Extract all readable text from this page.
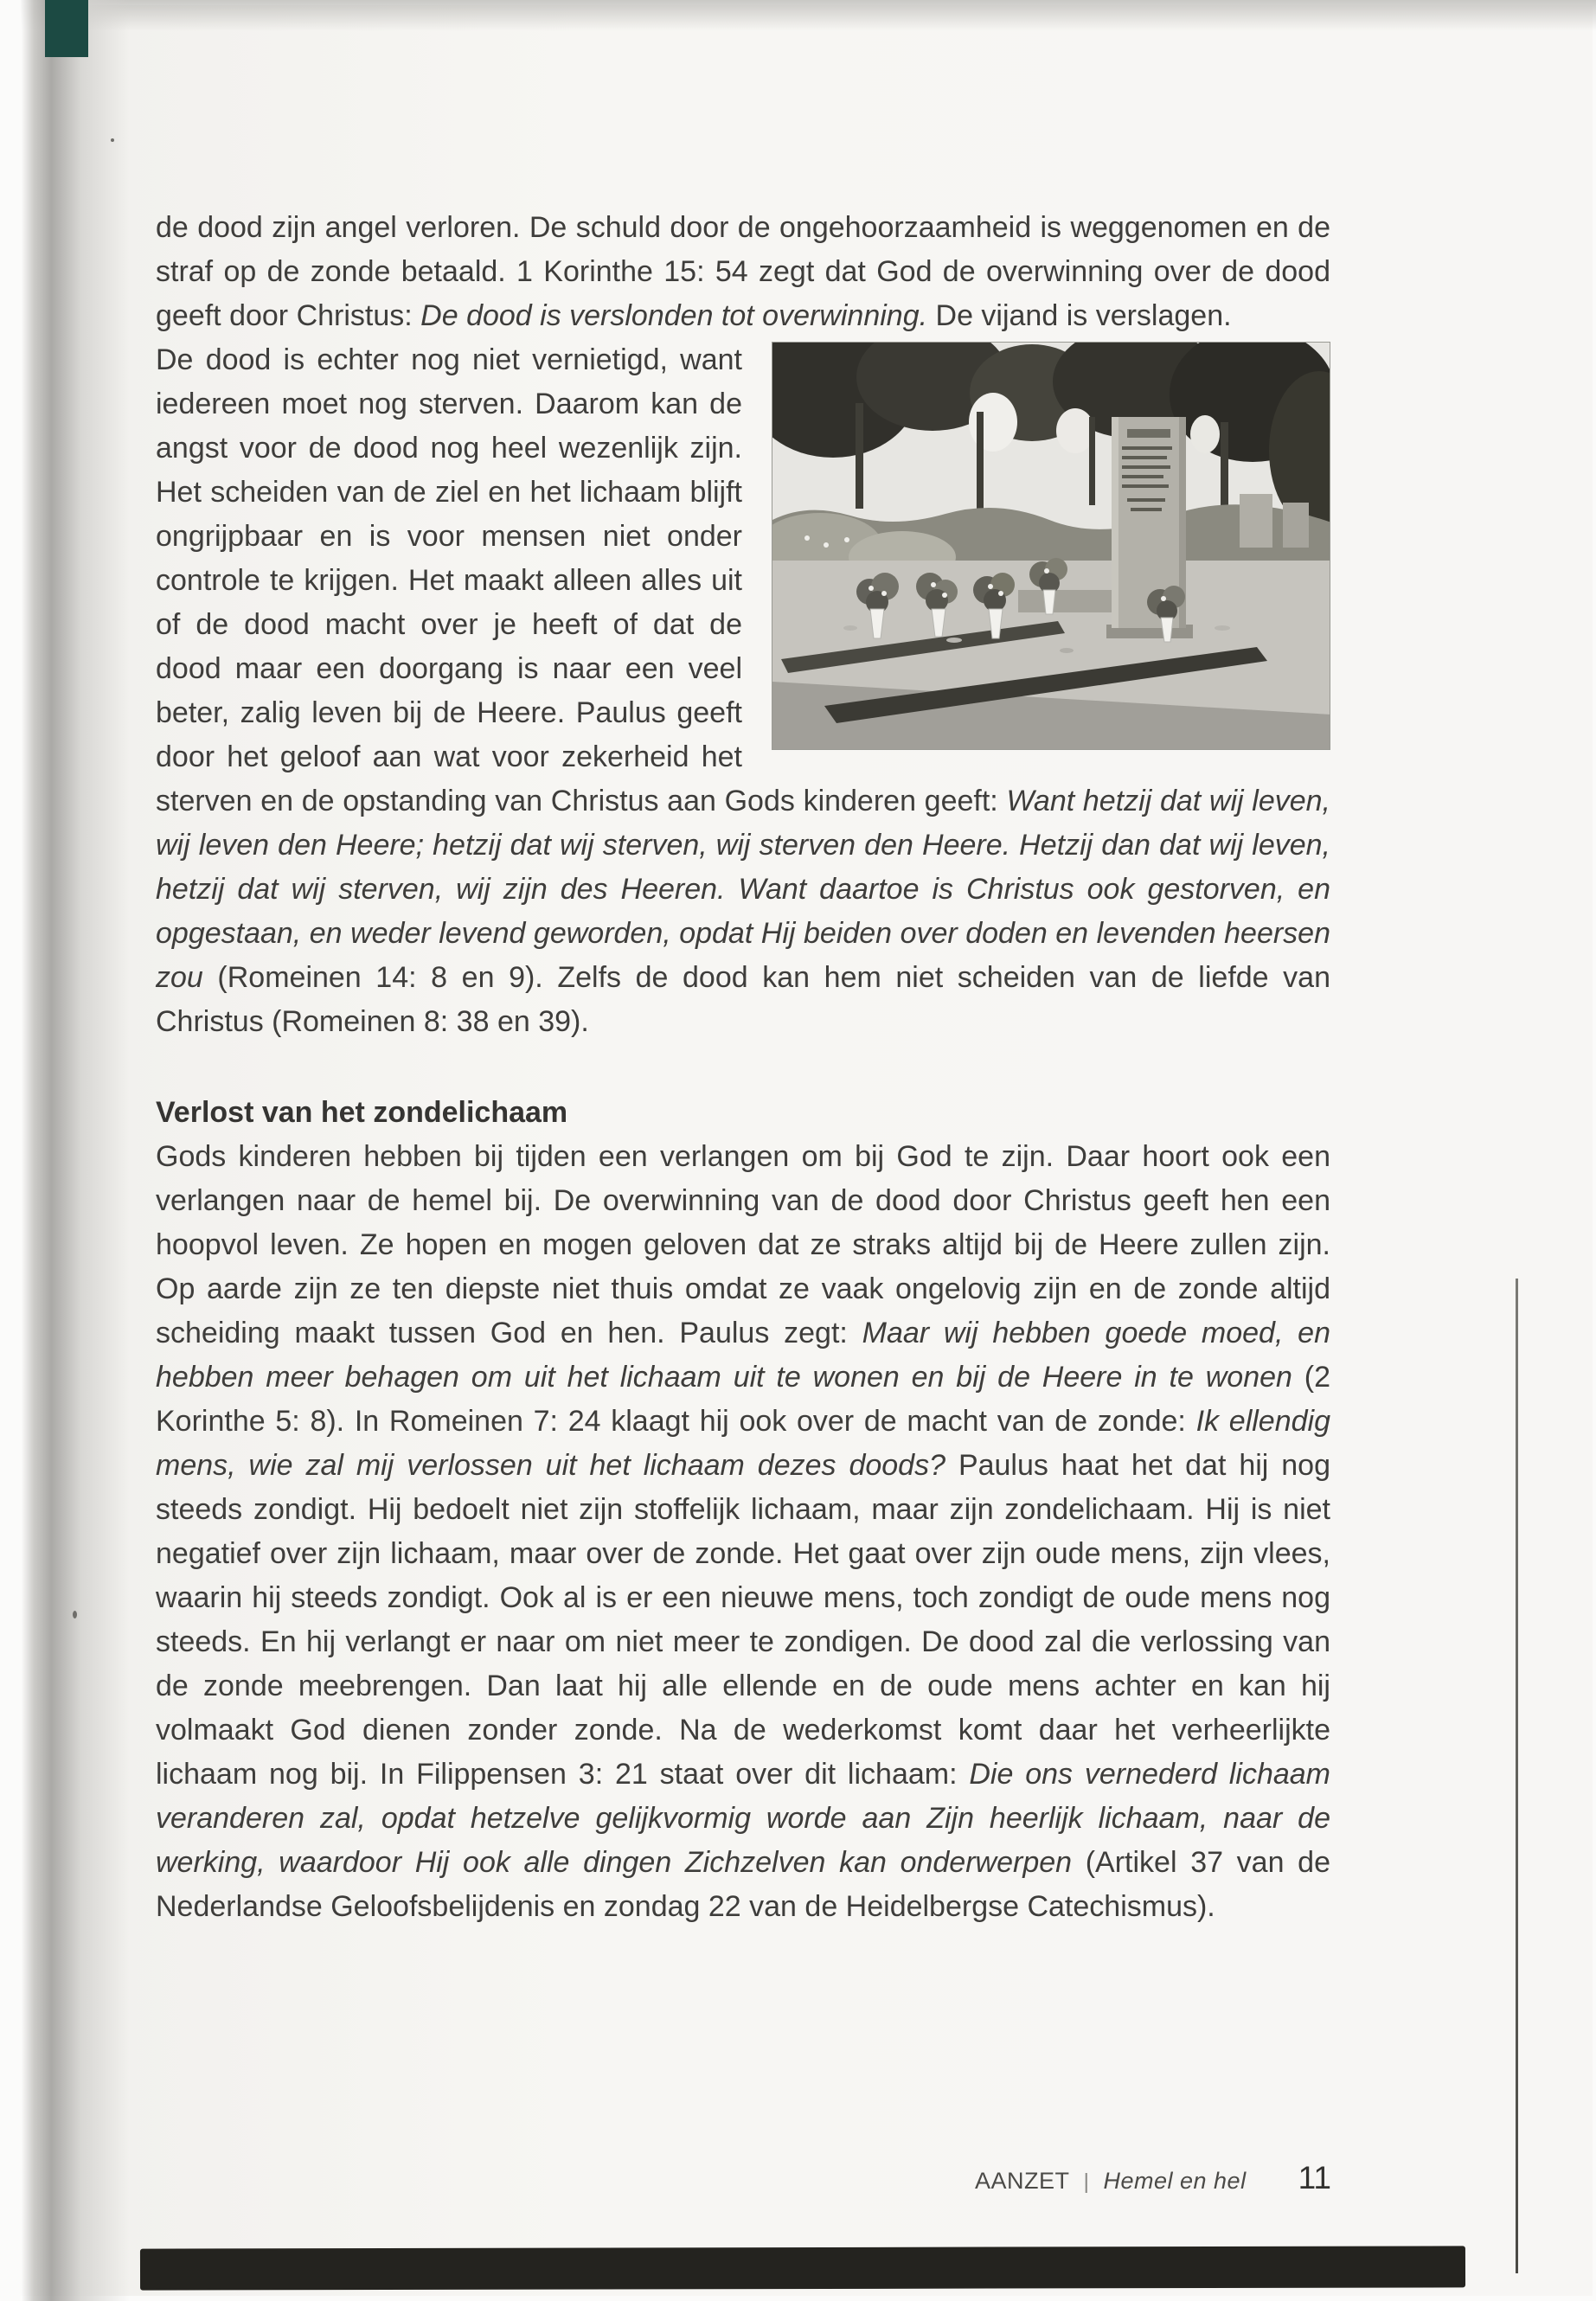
de dood zijn angel verloren. De schuld door de ongehoorzaamheid is weggenomen en de straf op de zonde betaald. 1 Korinthe 15: 54 zegt dat God de overwinning over de dood geeft door Christus: De dood is verslonden tot overwinning. De vijand is verslagen.

De dood is echter nog niet vernietigd, want iedereen moet nog sterven. Daarom kan de angst voor de dood nog heel wezenlijk zijn. Het scheiden van de ziel en het lichaam blijft ongrijpbaar en is voor mensen niet onder controle te krijgen. Het maakt alleen alles uit of de dood macht over je heeft of dat de dood maar een doorgang is naar een veel beter, zalig leven bij de Heere. Paulus geeft door het geloof aan wat voor zekerheid het sterven en de opstanding van Christus aan Gods kinderen geeft: Want hetzij dat wij leven, wij leven den Heere; hetzij dat wij sterven, wij sterven den Heere. Hetzij dan dat wij leven, hetzij dat wij sterven, wij zijn des Heeren. Want daartoe is Christus ook gestorven, en opgestaan, en weder levend geworden, opdat Hij beiden over doden en levenden heersen zou (Romeinen 14: 8 en 9). Zelfs de dood kan hem niet scheiden van de liefde van Christus (Romeinen 8: 38 en 39).

Verlost van het zondelichaam

Gods kinderen hebben bij tijden een verlangen om bij God te zijn. Daar hoort ook een verlangen naar de hemel bij. De overwinning van de dood door Christus geeft hen een hoopvol leven. Ze hopen en mogen geloven dat ze straks altijd bij de Heere zullen zijn. Op aarde zijn ze ten diepste niet thuis omdat ze vaak ongelovig zijn en de zonde altijd scheiding maakt tussen God en hen. Paulus zegt: Maar wij hebben goede moed, en hebben meer behagen om uit het lichaam uit te wonen en bij de Heere in te wonen (2 Korinthe 5: 8). In Romeinen 7: 24 klaagt hij ook over de macht van de zonde: Ik ellendig mens, wie zal mij verlossen uit het lichaam dezes doods? Paulus haat het dat hij nog steeds zondigt. Hij bedoelt niet zijn stoffelijk lichaam, maar zijn zondelichaam. Hij is niet negatief over zijn lichaam, maar over de zonde. Het gaat over zijn oude mens, zijn vlees, waarin hij steeds zondigt. Ook al is er een nieuwe mens, toch zondigt de oude mens nog steeds. En hij verlangt er naar om niet meer te zondigen. De dood zal die verlossing van de zonde meebrengen. Dan laat hij alle ellende en de oude mens achter en kan hij volmaakt God dienen zonder zonde. Na de wederkomst komt daar het verheerlijkte lichaam nog bij. In Filippensen 3: 21 staat over dit lichaam: Die ons vernederd lichaam veranderen zal, opdat hetzelve gelijkvormig worde aan Zijn heerlijk lichaam, naar de werking, waardoor Hij ook alle dingen Zichzelven kan onderwerpen (Artikel 37 van de Nederlandse Geloofsbelijdenis en zondag 22 van de Heidelbergse Catechismus).

AANZET | Hemel en hel 11
